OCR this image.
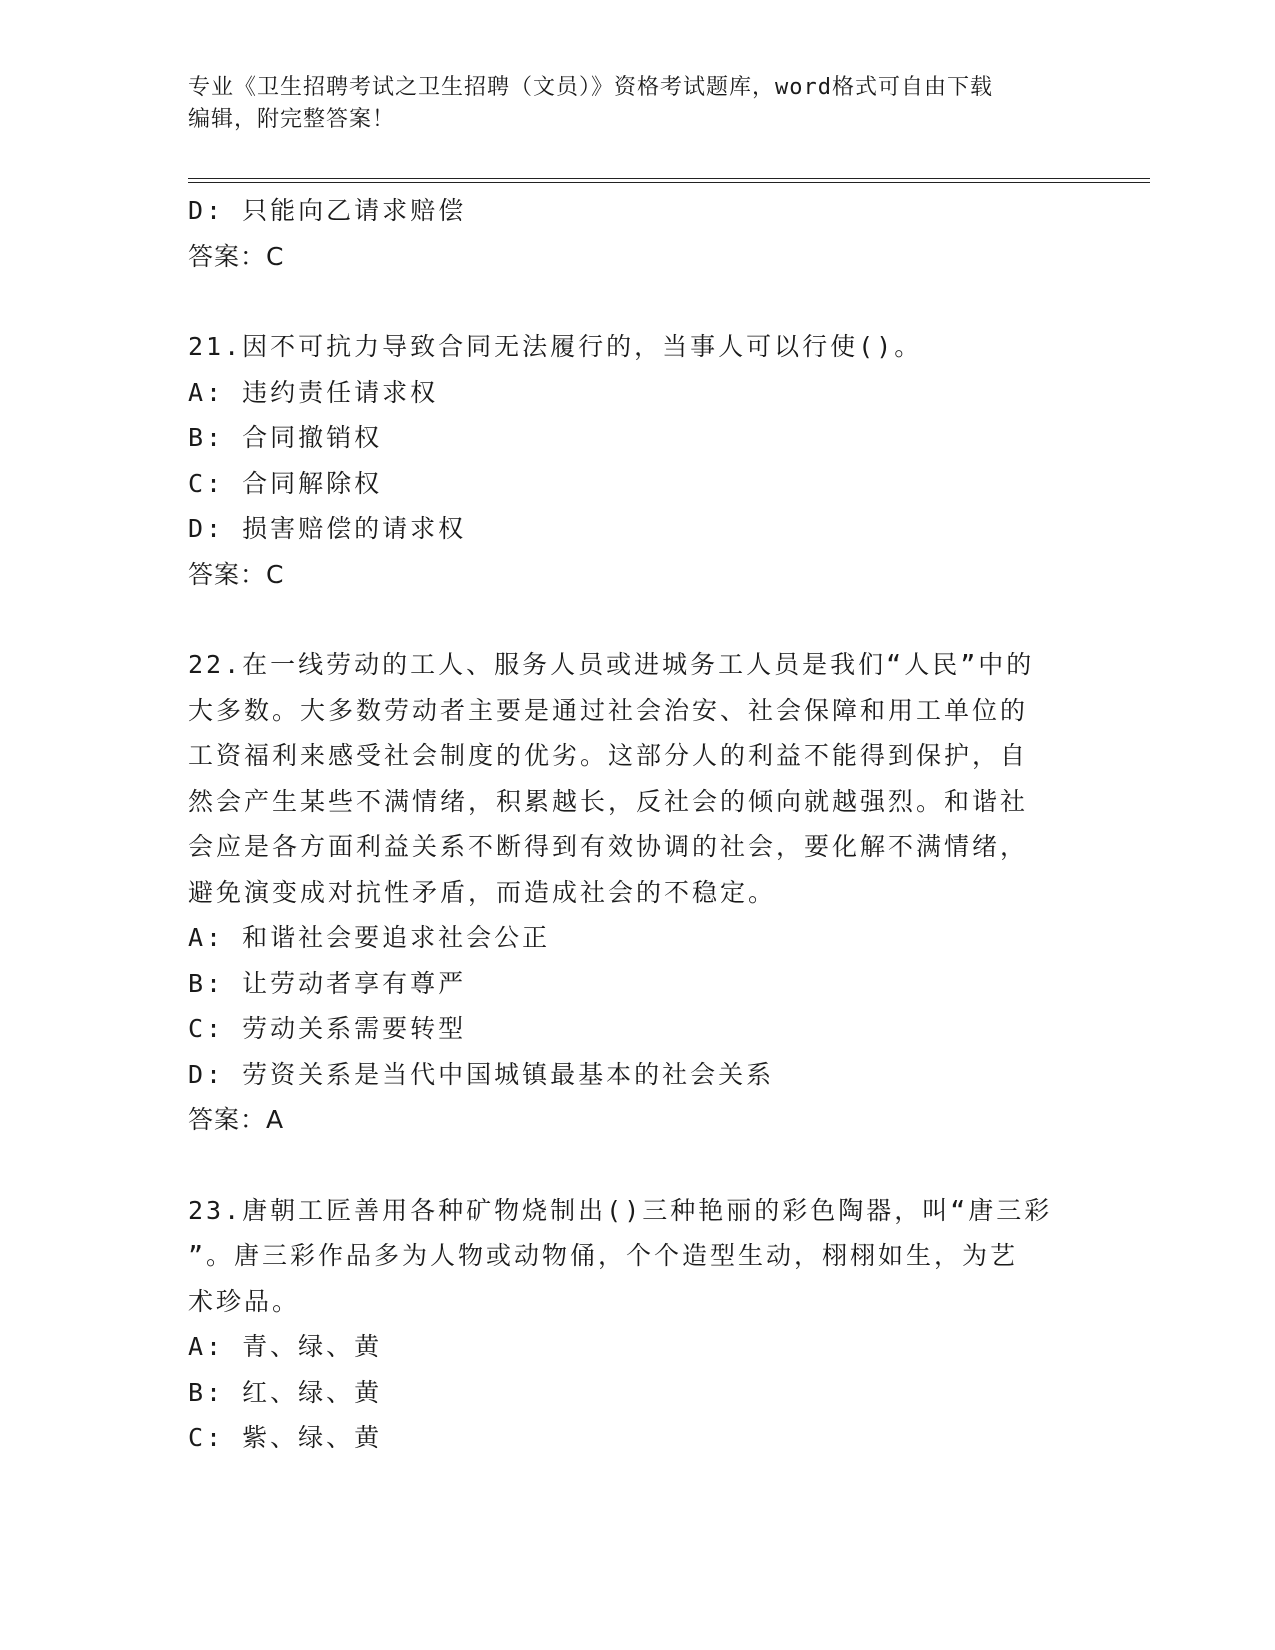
专业《卫生招聘考试之卫生招聘（文员）》资格考试题库，word格式可自由下载
编辑，附完整答案！
D: 只能向乙请求赔偿
答案：C
21.因不可抗力导致合同无法履行的，当事人可以行使()。
A: 违约责任请求权
B: 合同撤销权
C: 合同解除权
D: 损害赔偿的请求权
答案：C
22.在一线劳动的工人、服务人员或进城务工人员是我们“人民”中的
大多数。大多数劳动者主要是通过社会治安、社会保障和用工单位的
工资福利来感受社会制度的优劣。这部分人的利益不能得到保护，自
然会产生某些不满情绪，积累越长，反社会的倾向就越强烈。和谐社
会应是各方面利益关系不断得到有效协调的社会，要化解不满情绪，
避免演变成对抗性矛盾，而造成社会的不稳定。
A: 和谐社会要追求社会公正
B: 让劳动者享有尊严
C: 劳动关系需要转型
D: 劳资关系是当代中国城镇最基本的社会关系
答案：A
23.唐朝工匠善用各种矿物烧制出()三种艳丽的彩色陶器，叫“唐三彩
”。唐三彩作品多为人物或动物俑，个个造型生动，栩栩如生，为艺
术珍品。
A: 青、绿、黄
B: 红、绿、黄
C: 紫、绿、黄
